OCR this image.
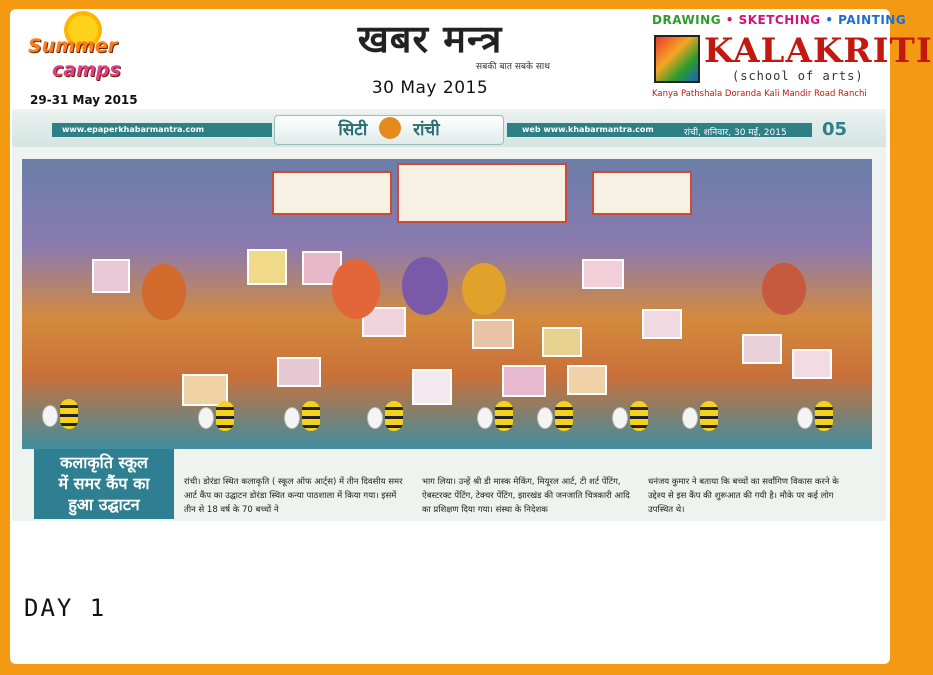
Summer
camps
29-31 May 2015
खबर मन्त्र
सबकी बात सबके साथ
30 May 2015
DRAWING • SKETCHING • PAINTING
KALAKRITI
(school of arts)
Kanya Pathshala Doranda Kali Mandir Road Ranchi
www.epaperkhabarmantra.com	सिटी	रांची	web www.khabarmantra.com	रांची, शनिवार, 30 मई, 2015 05
कलाकृति स्कूल
में समर कैंप का
हुआ उद्घाटन
रांची। डोरंडा स्थित कलाकृति ( स्कूल ऑफ आर्ट्स) में तीन दिवसीय समर आर्ट कैंप का उद्घाटन डोरंडा स्थित कन्या पाठशाला में किया गया। इसमें तीन से 18 वर्ष के 70 बच्चों ने
भाग लिया। उन्हें श्री डी मास्क मेकिंग, मियूरल आर्ट, टी शर्ट पेंटिंग, ऐबस्टरक्ट पेंटिंग, टेक्चर पेंटिंग, झारखंड की जनजाति चित्रकारी आदि का प्रशिक्षण दिया गया। संस्था के निदेशक
धनंजय कुमार ने बताया कि बच्चों का सर्वांगिण विकास करने के उद्देश्य से इस कैंप की शुरूआत की गयी है। मौके पर कई लोग उपस्थित थे।
DAY 1
